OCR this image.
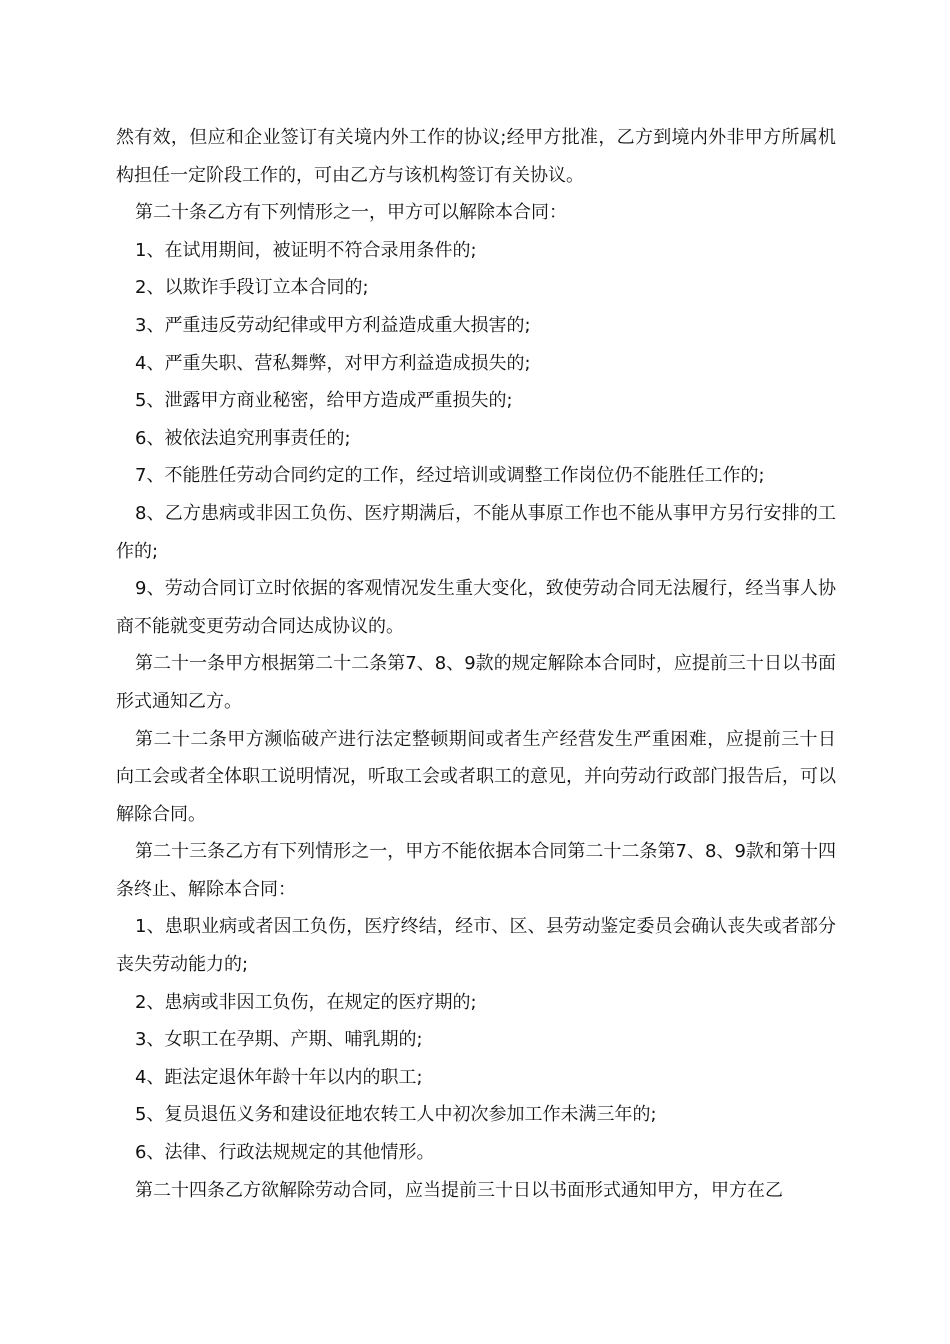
然有效，但应和企业签订有关境内外工作的协议;经甲方批准，乙方到境内外非甲方所属机构担任一定阶段工作的，可由乙方与该机构签订有关协议。

第二十条乙方有下列情形之一，甲方可以解除本合同：

1、在试用期间，被证明不符合录用条件的;

2、以欺诈手段订立本合同的;

3、严重违反劳动纪律或甲方利益造成重大损害的;

4、严重失职、营私舞弊，对甲方利益造成损失的;

5、泄露甲方商业秘密，给甲方造成严重损失的;

6、被依法追究刑事责任的;

7、不能胜任劳动合同约定的工作，经过培训或调整工作岗位仍不能胜任工作的;

8、乙方患病或非因工负伤、医疗期满后，不能从事原工作也不能从事甲方另行安排的工作的;

9、劳动合同订立时依据的客观情况发生重大变化，致使劳动合同无法履行，经当事人协商不能就变更劳动合同达成协议的。

第二十一条甲方根据第二十二条第7、8、9款的规定解除本合同时，应提前三十日以书面形式通知乙方。

第二十二条甲方濒临破产进行法定整顿期间或者生产经营发生严重困难，应提前三十日向工会或者全体职工说明情况，听取工会或者职工的意见，并向劳动行政部门报告后，可以解除合同。

第二十三条乙方有下列情形之一，甲方不能依据本合同第二十二条第7、8、9款和第十四条终止、解除本合同：

1、患职业病或者因工负伤，医疗终结，经市、区、县劳动鉴定委员会确认丧失或者部分丧失劳动能力的;

2、患病或非因工负伤，在规定的医疗期的;

3、女职工在孕期、产期、哺乳期的;

4、距法定退休年龄十年以内的职工;

5、复员退伍义务和建设征地农转工人中初次参加工作未满三年的;

6、法律、行政法规规定的其他情形。

第二十四条乙方欲解除劳动合同，应当提前三十日以书面形式通知甲方，甲方在乙
